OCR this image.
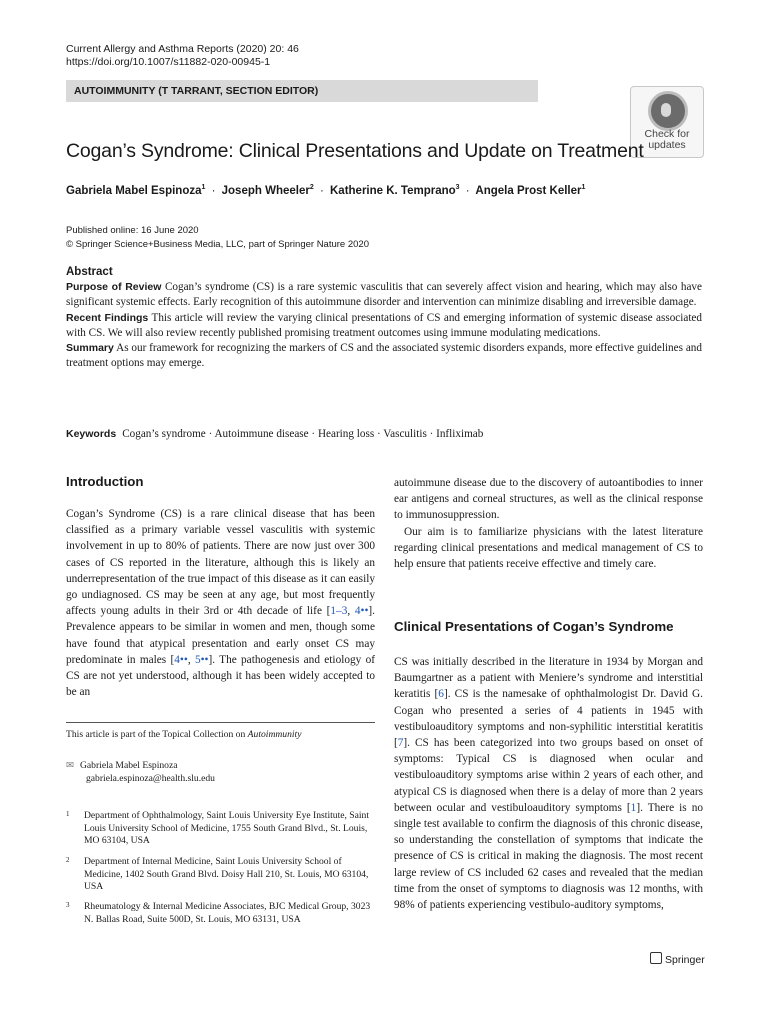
Current Allergy and Asthma Reports (2020) 20: 46
https://doi.org/10.1007/s11882-020-00945-1
AUTOIMMUNITY (T TARRANT, SECTION EDITOR)
Check for
updates
Cogan’s Syndrome: Clinical Presentations and Update on Treatment
Gabriela Mabel Espinoza$^1$ · Joseph Wheeler$^2$ · Katherine K. Temprano$^3$ · Angela Prost Keller$^1$
Published online: 16 June 2020
© Springer Science+Business Media, LLC, part of Springer Nature 2020
Abstract

Purpose of Review Cogan’s syndrome (CS) is a rare systemic vasculitis that can severely affect vision and hearing, which may also have significant systemic effects. Early recognition of this autoimmune disorder and intervention can minimize disabling and irreversible damage.

Recent Findings This article will review the varying clinical presentations of CS and emerging information of systemic disease associated with CS. We will also review recently published promising treatment outcomes using immune modulating medications.

Summary As our framework for recognizing the markers of CS and the associated systemic disorders expands, more effective guidelines and treatment options may emerge.

Keywords Cogan’s syndrome · Autoimmune disease · Hearing loss · Vasculitis · Infliximab
Introduction

Cogan’s Syndrome (CS) is a rare clinical disease that has been classified as a primary variable vessel vasculitis with systemic involvement in up to 80% of patients. There are now just over 300 cases of CS reported in the literature, although this is likely an underrepresentation of the true impact of this disease as it can easily go undiagnosed. CS may be seen at any age, but most frequently affects young adults in their 3rd or 4th decade of life [1–3, 4••]. Prevalence appears to be similar in women and men, though some have found that atypical presentation and early onset CS may predominate in males [4••, 5••]. The pathogenesis and etiology of CS are not yet understood, although it has been widely accepted to be an

This article is part of the Topical Collection on Autoimmunity
✉ Gabriela Mabel Espinoza
gabriela.espinoza@health.slu.edu
1 Department of Ophthalmology, Saint Louis University Eye Institute, Saint Louis University School of Medicine, 1755 South Grand Blvd., St. Louis, MO 63104, USA
2 Department of Internal Medicine, Saint Louis University School of Medicine, 1402 South Grand Blvd. Doisy Hall 210, St. Louis, MO 63104, USA
3 Rheumatology & Internal Medicine Associates, BJC Medical Group, 3023 N. Ballas Road, Suite 500D, St. Louis, MO 63131, USA

autoimmune disease due to the discovery of autoantibodies to inner ear antigens and corneal structures, as well as the clinical response to immunosuppression.

Our aim is to familiarize physicians with the latest literature regarding clinical presentations and medical management of CS to help ensure that patients receive effective and timely care.

Clinical Presentations of Cogan’s Syndrome

CS was initially described in the literature in 1934 by Morgan and Baumgartner as a patient with Meniere’s syndrome and interstitial keratitis [6]. CS is the namesake of ophthalmologist Dr. David G. Cogan who presented a series of 4 patients in 1945 with vestibuloauditory symptoms and non-syphilitic interstitial keratitis [7]. CS has been categorized into two groups based on onset of symptoms: Typical CS is diagnosed when ocular and vestibuloauditory symptoms arise within 2 years of each other, and atypical CS is diagnosed when there is a delay of more than 2 years between ocular and vestibuloauditory symptoms [1]. There is no single test available to confirm the diagnosis of this chronic disease, so understanding the constellation of symptoms that indicate the presence of CS is critical in making the diagnosis. The most recent large review of CS included 62 cases and revealed that the median time from the onset of symptoms to diagnosis was 12 months, with 98% of patients experiencing vestibulo-auditory symptoms,

Springer
